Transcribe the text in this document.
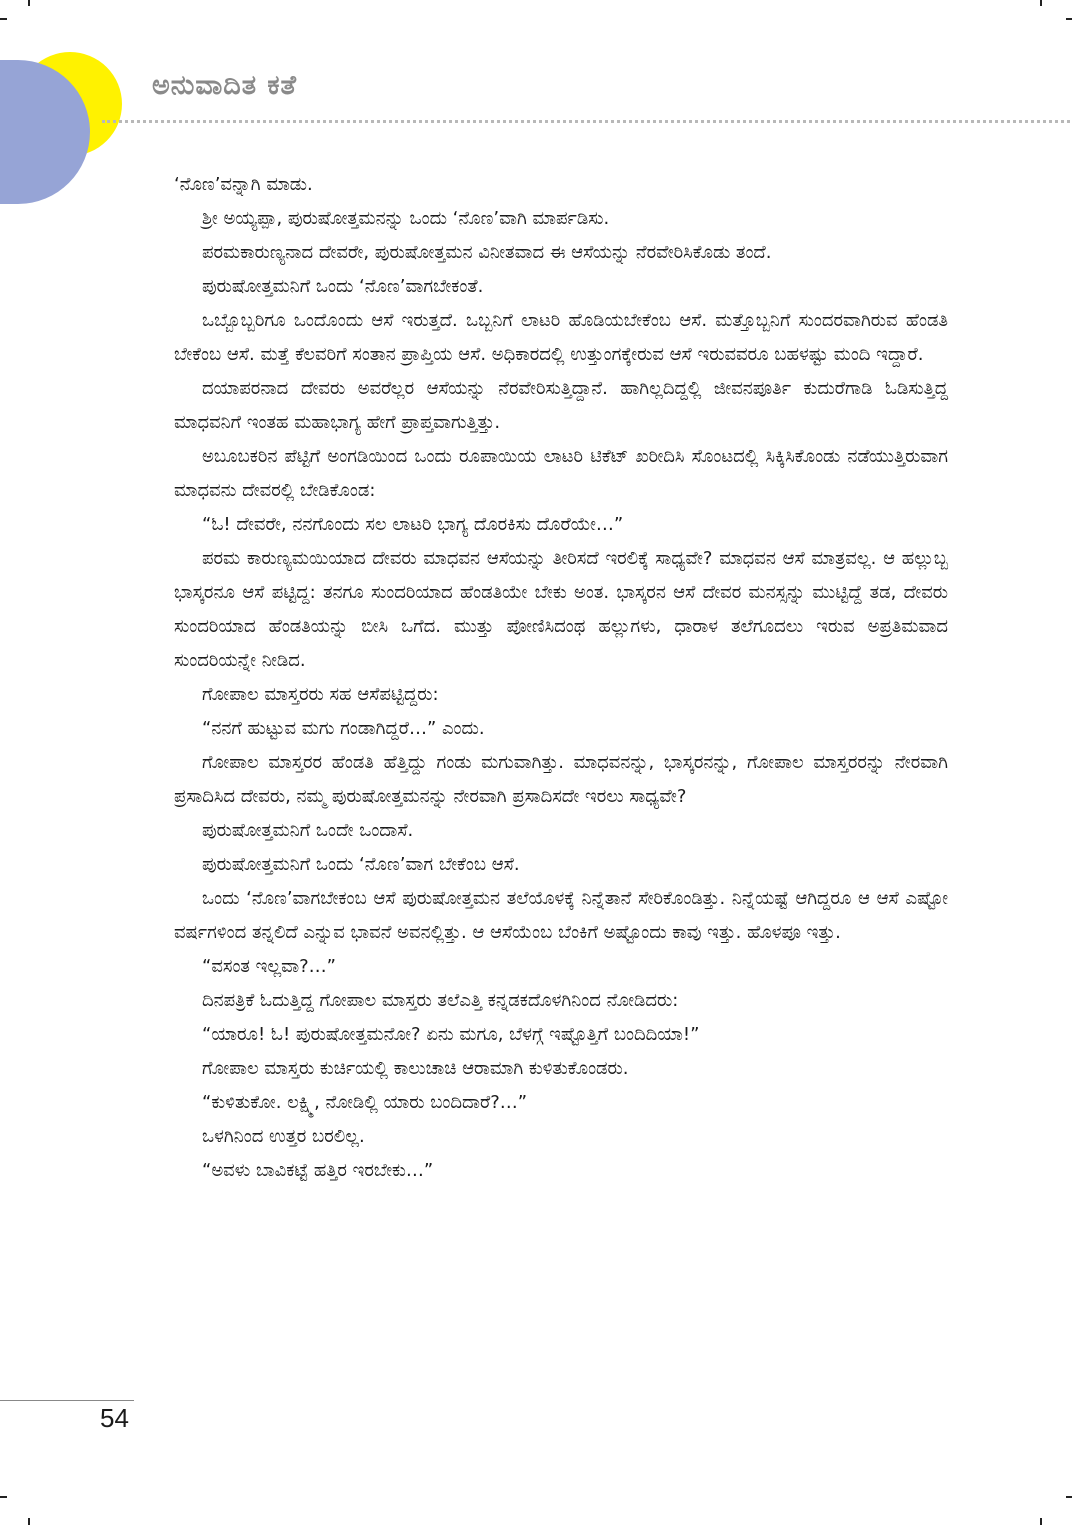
ಅನುವಾದಿತ ಕತೆ

‘ನೊಣ’ವನ್ನಾಗಿ ಮಾಡು.

ಶ್ರೀ ಅಯ್ಯಪ್ಪಾ, ಪುರುಷೋತ್ತಮನನ್ನು ಒಂದು ‘ನೊಣ’ವಾಗಿ ಮಾರ್ಪಡಿಸು.

ಪರಮಕಾರುಣ್ಯನಾದ ದೇವರೇ, ಪುರುಷೋತ್ತಮನ ವಿನೀತವಾದ ಈ ಆಸೆಯನ್ನು ನೆರವೇರಿಸಿಕೊಡು ತಂದೆ.

ಪುರುಷೋತ್ತಮನಿಗೆ ಒಂದು ‘ನೊಣ’ವಾಗಬೇಕಂತೆ.

ಒಬ್ಬೊಬ್ಬರಿಗೂ ಒಂದೊಂದು ಆಸೆ ಇರುತ್ತದೆ. ಒಬ್ಬನಿಗೆ ಲಾಟರಿ ಹೊಡಿಯಬೇಕೆಂಬ ಆಸೆ. ಮತ್ತೊಬ್ಬನಿಗೆ ಸುಂದರವಾಗಿರುವ ಹೆಂಡತಿ ಬೇಕೆಂಬ ಆಸೆ. ಮತ್ತೆ ಕೆಲವರಿಗೆ ಸಂತಾನ ಪ್ರಾಪ್ತಿಯ ಆಸೆ. ಅಧಿಕಾರದಲ್ಲಿ ಉತ್ತುಂಗಕ್ಕೇರುವ ಆಸೆ ಇರುವವರೂ ಬಹಳಷ್ಟು ಮಂದಿ ಇದ್ದಾರೆ.

ದಯಾಪರನಾದ ದೇವರು ಅವರೆಲ್ಲರ ಆಸೆಯನ್ನು ನೆರವೇರಿಸುತ್ತಿದ್ದಾನೆ. ಹಾಗಿಲ್ಲದಿದ್ದಲ್ಲಿ ಜೀವನಪೂರ್ತಿ ಕುದುರೆಗಾಡಿ ಓಡಿಸುತ್ತಿದ್ದ ಮಾಧವನಿಗೆ ಇಂತಹ ಮಹಾಭಾಗ್ಯ ಹೇಗೆ ಪ್ರಾಪ್ತವಾಗುತ್ತಿತ್ತು.

ಅಬೂಬಕರಿನ ಪೆಟ್ಟಿಗೆ ಅಂಗಡಿಯಿಂದ ಒಂದು ರೂಪಾಯಿಯ ಲಾಟರಿ ಟಿಕೆಟ್ ಖರೀದಿಸಿ ಸೊಂಟದಲ್ಲಿ ಸಿಕ್ಕಿಸಿಕೊಂಡು ನಡೆಯುತ್ತಿರುವಾಗ ಮಾಧವನು ದೇವರಲ್ಲಿ ಬೇಡಿಕೊಂಡ:

“ಓ! ದೇವರೇ, ನನಗೊಂದು ಸಲ ಲಾಟರಿ ಭಾಗ್ಯ ದೊರಕಿಸು ದೊರೆಯೇ…”

ಪರಮ ಕಾರುಣ್ಯಮಯಿಯಾದ ದೇವರು ಮಾಧವನ ಆಸೆಯನ್ನು ತೀರಿಸದೆ ಇರಲಿಕ್ಕೆ ಸಾಧ್ಯವೇ? ಮಾಧವನ ಆಸೆ ಮಾತ್ರವಲ್ಲ. ಆ ಹಲ್ಲುಬ್ಬ ಭಾಸ್ಕರನೂ ಆಸೆ ಪಟ್ಟಿದ್ದ: ತನಗೂ ಸುಂದರಿಯಾದ ಹೆಂಡತಿಯೇ ಬೇಕು ಅಂತ. ಭಾಸ್ಕರನ ಆಸೆ ದೇವರ ಮನಸ್ಸನ್ನು ಮುಟ್ಟಿದ್ದೆ ತಡ, ದೇವರು ಸುಂದರಿಯಾದ ಹೆಂಡತಿಯನ್ನು ಬೀಸಿ ಒಗೆದ. ಮುತ್ತು ಪೋಣಿಸಿದಂಥ ಹಲ್ಲುಗಳು, ಧಾರಾಳ ತಲೆಗೂದಲು ಇರುವ ಅಪ್ರತಿಮವಾದ ಸುಂದರಿಯನ್ನೇ ನೀಡಿದ.

ಗೋಪಾಲ ಮಾಸ್ತರರು ಸಹ ಆಸೆಪಟ್ಟಿದ್ದರು:

“ನನಗೆ ಹುಟ್ಟುವ ಮಗು ಗಂಡಾಗಿದ್ದರೆ…” ಎಂದು.

ಗೋಪಾಲ ಮಾಸ್ತರರ ಹೆಂಡತಿ ಹೆತ್ತಿದ್ದು ಗಂಡು ಮಗುವಾಗಿತ್ತು. ಮಾಧವನನ್ನು, ಭಾಸ್ಕರನನ್ನು, ಗೋಪಾಲ ಮಾಸ್ತರರನ್ನು ನೇರವಾಗಿ ಪ್ರಸಾದಿಸಿದ ದೇವರು, ನಮ್ಮ ಪುರುಷೋತ್ತಮನನ್ನು ನೇರವಾಗಿ ಪ್ರಸಾದಿಸದೇ ಇರಲು ಸಾಧ್ಯವೇ?

ಪುರುಷೋತ್ತಮನಿಗೆ ಒಂದೇ ಒಂದಾಸೆ.

ಪುರುಷೋತ್ತಮನಿಗೆ ಒಂದು ‘ನೊಣ’ವಾಗ ಬೇಕೆಂಬ ಆಸೆ.

ಒಂದು ‘ನೊಣ’ವಾಗಬೇಕಂಬ ಆಸೆ ಪುರುಷೋತ್ತಮನ ತಲೆಯೊಳಕ್ಕೆ ನಿನ್ನೆತಾನೆ ಸೇರಿಕೊಂಡಿತ್ತು. ನಿನ್ನೆಯಷ್ಟೆ ಆಗಿದ್ದರೂ ಆ ಆಸೆ ಎಷ್ಟೋ ವರ್ಷಗಳಿಂದ ತನ್ನಲಿದೆ ಎನ್ನುವ ಭಾವನೆ ಅವನಲ್ಲಿತ್ತು. ಆ ಆಸೆಯೆಂಬ ಬೆಂಕಿಗೆ ಅಷ್ಟೊಂದು ಕಾವು ಇತ್ತು. ಹೊಳಪೂ ಇತ್ತು.

“ವಸಂತ ಇಲ್ಲವಾ?…”

ದಿನಪತ್ರಿಕೆ ಓದುತ್ತಿದ್ದ ಗೋಪಾಲ ಮಾಸ್ತರು ತಲೆಎತ್ತಿ ಕನ್ನಡಕದೊಳಗಿನಿಂದ ನೋಡಿದರು:

“ಯಾರೂ! ಓ! ಪುರುಷೋತ್ತಮನೋ? ಏನು ಮಗೂ, ಬೆಳಗ್ಗೆ ಇಷ್ಟೊತ್ತಿಗೆ ಬಂದಿದಿಯಾ!”

ಗೋಪಾಲ ಮಾಸ್ತರು ಕುರ್ಚಿಯಲ್ಲಿ ಕಾಲುಚಾಚಿ ಆರಾಮಾಗಿ ಕುಳಿತುಕೊಂಡರು.

“ಕುಳಿತುಕೋ. ಲಕ್ಷ್ಮಿ, ನೋಡಿಲ್ಲಿ ಯಾರು ಬಂದಿದಾರೆ?…”

ಒಳಗಿನಿಂದ ಉತ್ತರ ಬರಲಿಲ್ಲ.

“ಅವಳು ಬಾವಿಕಟ್ಟೆ ಹತ್ತಿರ ಇರಬೇಕು…”

54
